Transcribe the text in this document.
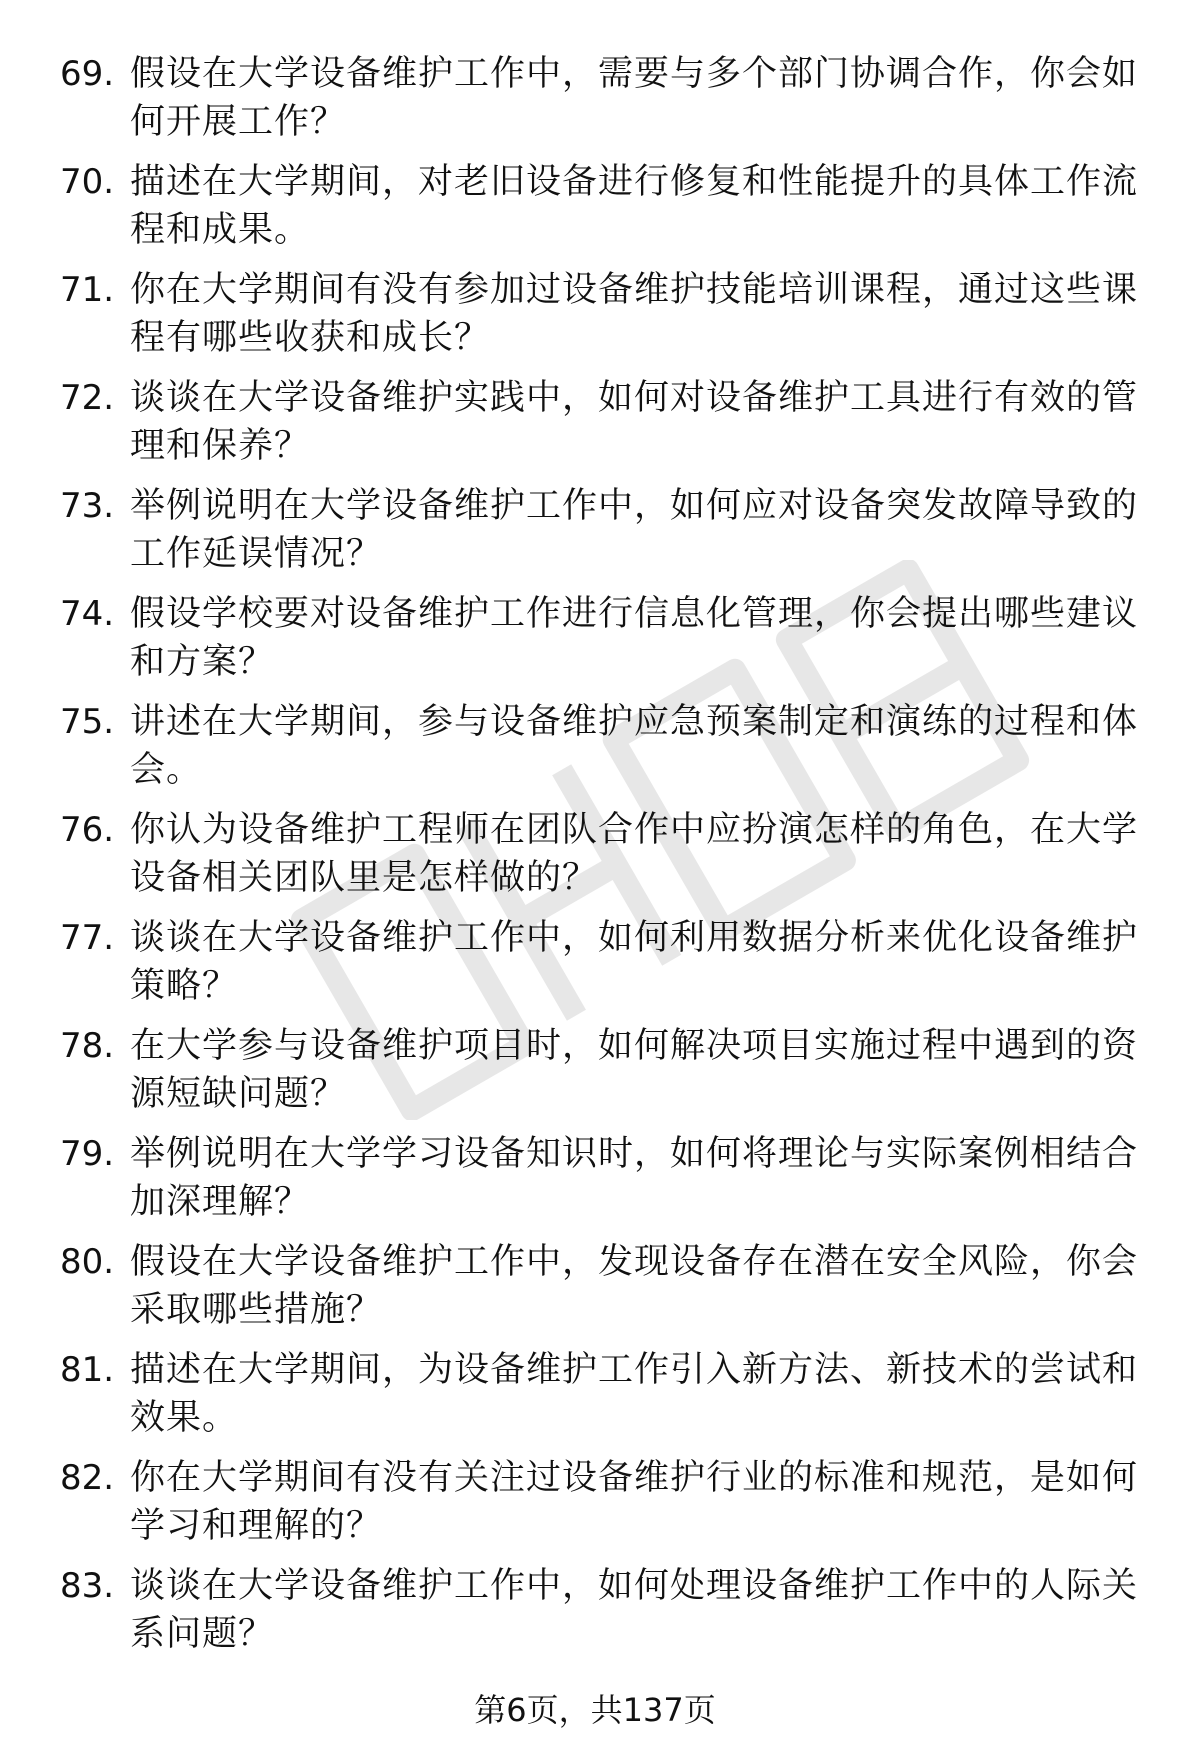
69. 假设在大学设备维护工作中，需要与多个部门协调合作，你会如何开展工作？
70. 描述在大学期间，对老旧设备进行修复和性能提升的具体工作流程和成果。
71. 你在大学期间有没有参加过设备维护技能培训课程，通过这些课程有哪些收获和成长？
72. 谈谈在大学设备维护实践中，如何对设备维护工具进行有效的管理和保养？
73. 举例说明在大学设备维护工作中，如何应对设备突发故障导致的工作延误情况？
74. 假设学校要对设备维护工作进行信息化管理，你会提出哪些建议和方案？
75. 讲述在大学期间，参与设备维护应急预案制定和演练的过程和体会。
76. 你认为设备维护工程师在团队合作中应扮演怎样的角色，在大学设备相关团队里是怎样做的？
77. 谈谈在大学设备维护工作中，如何利用数据分析来优化设备维护策略？
78. 在大学参与设备维护项目时，如何解决项目实施过程中遇到的资源短缺问题？
79. 举例说明在大学学习设备知识时，如何将理论与实际案例相结合加深理解？
80. 假设在大学设备维护工作中，发现设备存在潜在安全风险，你会采取哪些措施？
81. 描述在大学期间，为设备维护工作引入新方法、新技术的尝试和效果。
82. 你在大学期间有没有关注过设备维护行业的标准和规范，是如何学习和理解的？
83. 谈谈在大学设备维护工作中，如何处理设备维护工作中的人际关系问题？
第6页，共137页
